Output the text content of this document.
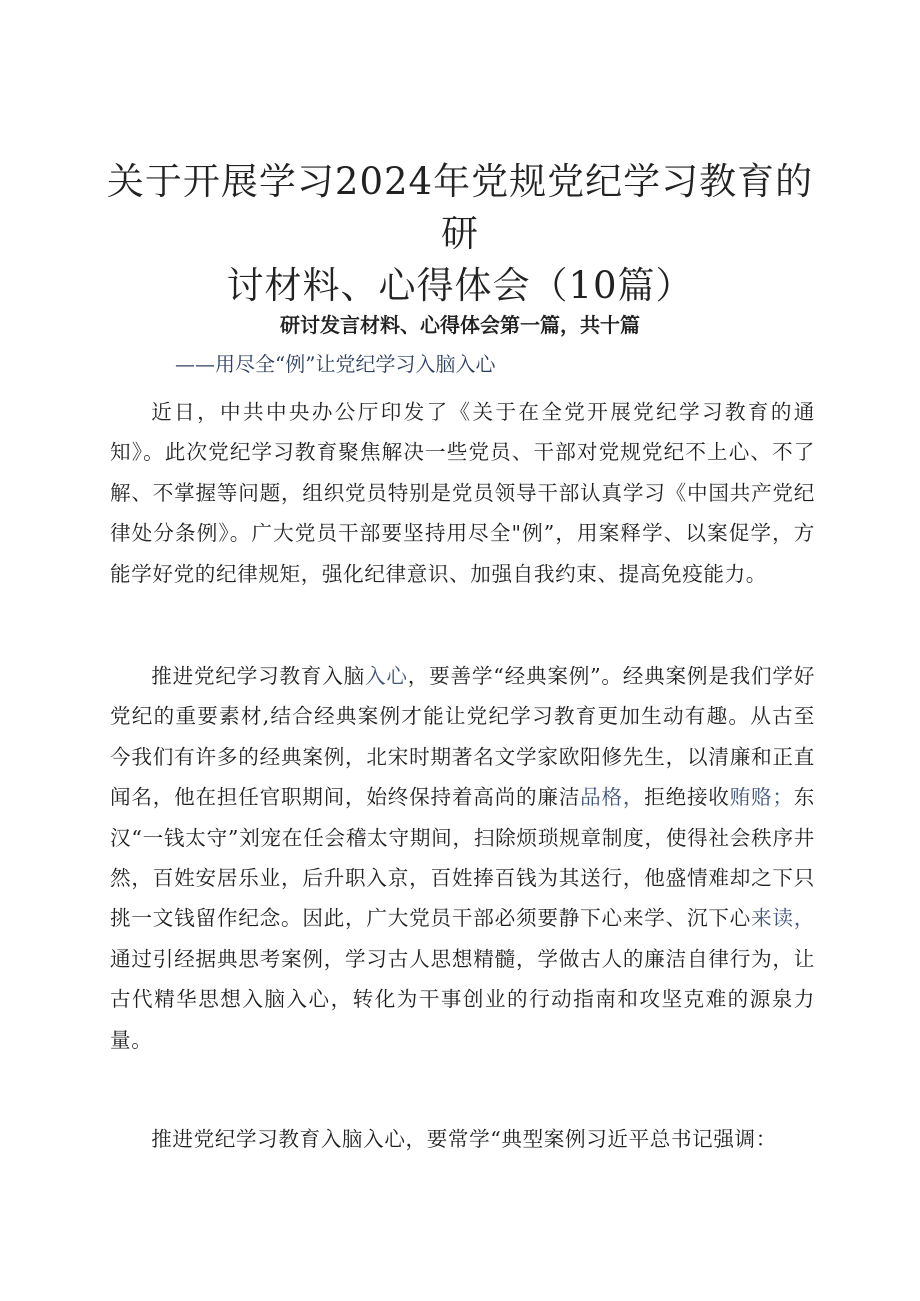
关于开展学习2024年党规党纪学习教育的研
讨材料、心得体会（10篇）
研讨发言材料、心得体会第一篇，共十篇
——用尽全“例”让党纪学习入脑入心

近日，中共中央办公厅印发了《关于在全党开展党纪学习教育的通知》。此次党纪学习教育聚焦解决一些党员、干部对党规党纪不上心、不了解、不掌握等问题，组织党员特别是党员领导干部认真学习《中国共产党纪律处分条例》。广大党员干部要坚持用尽全"例”，用案释学、以案促学，方能学好党的纪律规矩，强化纪律意识、加强自我约束、提高免疫能力。

推进党纪学习教育入脑入心，要善学“经典案例”。经典案例是我们学好党纪的重要素材,结合经典案例才能让党纪学习教育更加生动有趣。从古至今我们有许多的经典案例，北宋时期著名文学家欧阳修先生，以清廉和正直闻名，他在担任官职期间，始终保持着高尚的廉洁品格，拒绝接收贿赂；东汉“一钱太守”刘宠在任会稽太守期间，扫除烦琐规章制度，使得社会秩序井然，百姓安居乐业，后升职入京，百姓捧百钱为其送行，他盛情难却之下只挑一文钱留作纪念。因此，广大党员干部必须要静下心来学、沉下心来读，通过引经据典思考案例，学习古人思想精髓，学做古人的廉洁自律行为，让古代精华思想入脑入心，转化为干事创业的行动指南和攻坚克难的源泉力量。

推进党纪学习教育入脑入心，要常学“典型案例习近平总书记强调：
